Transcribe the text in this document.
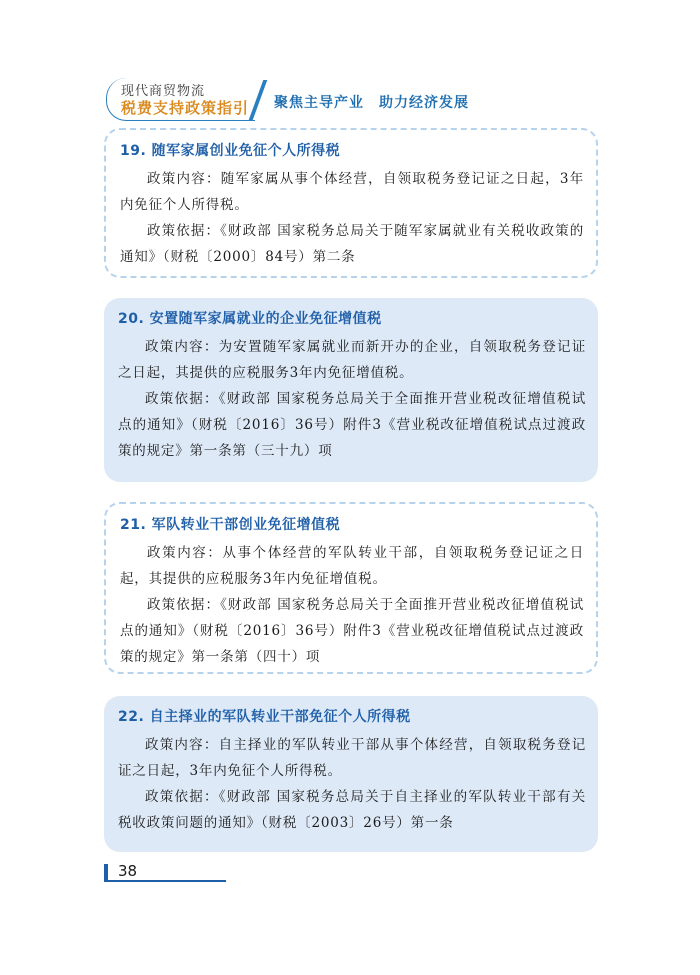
现代商贸物流
税费支持政策指引 聚焦主导产业　助力经济发展

19. 随军家属创业免征个人所得税

政策内容：随军家属从事个体经营，自领取税务登记证之日起，3年内免征个人所得税。

政策依据：《财政部 国家税务总局关于随军家属就业有关税收政策的通知》（财税〔2000〕84号）第二条

20. 安置随军家属就业的企业免征增值税

政策内容：为安置随军家属就业而新开办的企业，自领取税务登记证之日起，其提供的应税服务3年内免征增值税。

政策依据：《财政部 国家税务总局关于全面推开营业税改征增值税试点的通知》（财税〔2016〕36号）附件3《营业税改征增值税试点过渡政策的规定》第一条第（三十九）项

21. 军队转业干部创业免征增值税

政策内容：从事个体经营的军队转业干部，自领取税务登记证之日起，其提供的应税服务3年内免征增值税。

政策依据：《财政部 国家税务总局关于全面推开营业税改征增值税试点的通知》（财税〔2016〕36号）附件3《营业税改征增值税试点过渡政策的规定》第一条第（四十）项

22. 自主择业的军队转业干部免征个人所得税

政策内容：自主择业的军队转业干部从事个体经营，自领取税务登记证之日起，3年内免征个人所得税。

政策依据：《财政部 国家税务总局关于自主择业的军队转业干部有关税收政策问题的通知》（财税〔2003〕26号）第一条

38
